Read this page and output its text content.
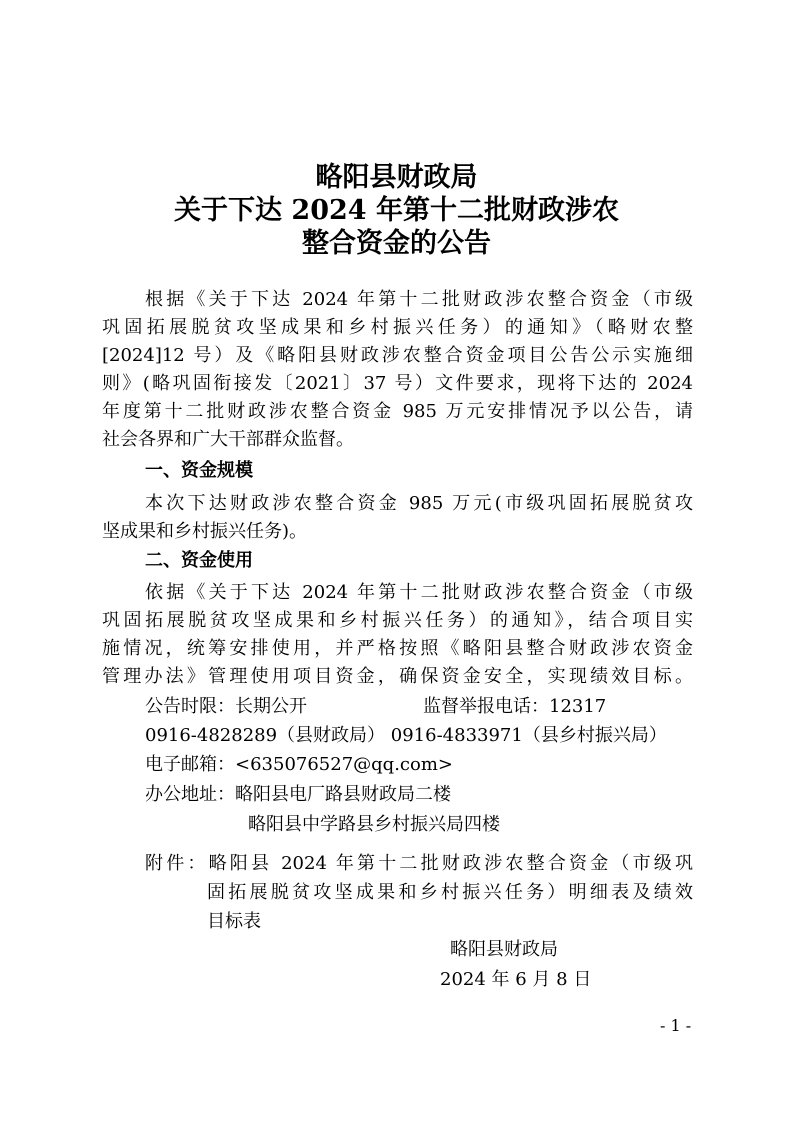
略阳县财政局
关于下达 2024 年第十二批财政涉农
整合资金的公告

根据《关于下达 2024 年第十二批财政涉农整合资金（市级

巩固拓展脱贫攻坚成果和乡村振兴任务）的通知》（略财农整

[2024]12 号）及《略阳县财政涉农整合资金项目公告公示实施细

则》(略巩固衔接发〔2021〕37 号）文件要求，现将下达的 2024

年度第十二批财政涉农整合资金 985 万元安排情况予以公告，请

社会各界和广大干部群众监督。

一、资金规模

本次下达财政涉农整合资金 985 万元(市级巩固拓展脱贫攻

坚成果和乡村振兴任务)。

二、资金使用

依据《关于下达 2024 年第十二批财政涉农整合资金（市级

巩固拓展脱贫攻坚成果和乡村振兴任务）的通知》，结合项目实

施情况，统筹安排使用，并严格按照《略阳县整合财政涉农资金

管理办法》管理使用项目资金，确保资金安全，实现绩效目标。

公告时限：长期公开	监督举报电话：12317

0916-4828289（县财政局） 0916-4833971（县乡村振兴局）

电子邮箱：<635076527@qq.com>

办公地址：略阳县电厂路县财政局二楼

略阳县中学路县乡村振兴局四楼

附件：略阳县 2024 年第十二批财政涉农整合资金（市级巩

固拓展脱贫攻坚成果和乡村振兴任务）明细表及绩效

目标表

略阳县财政局

2024 年 6 月 8 日

- 1 -
